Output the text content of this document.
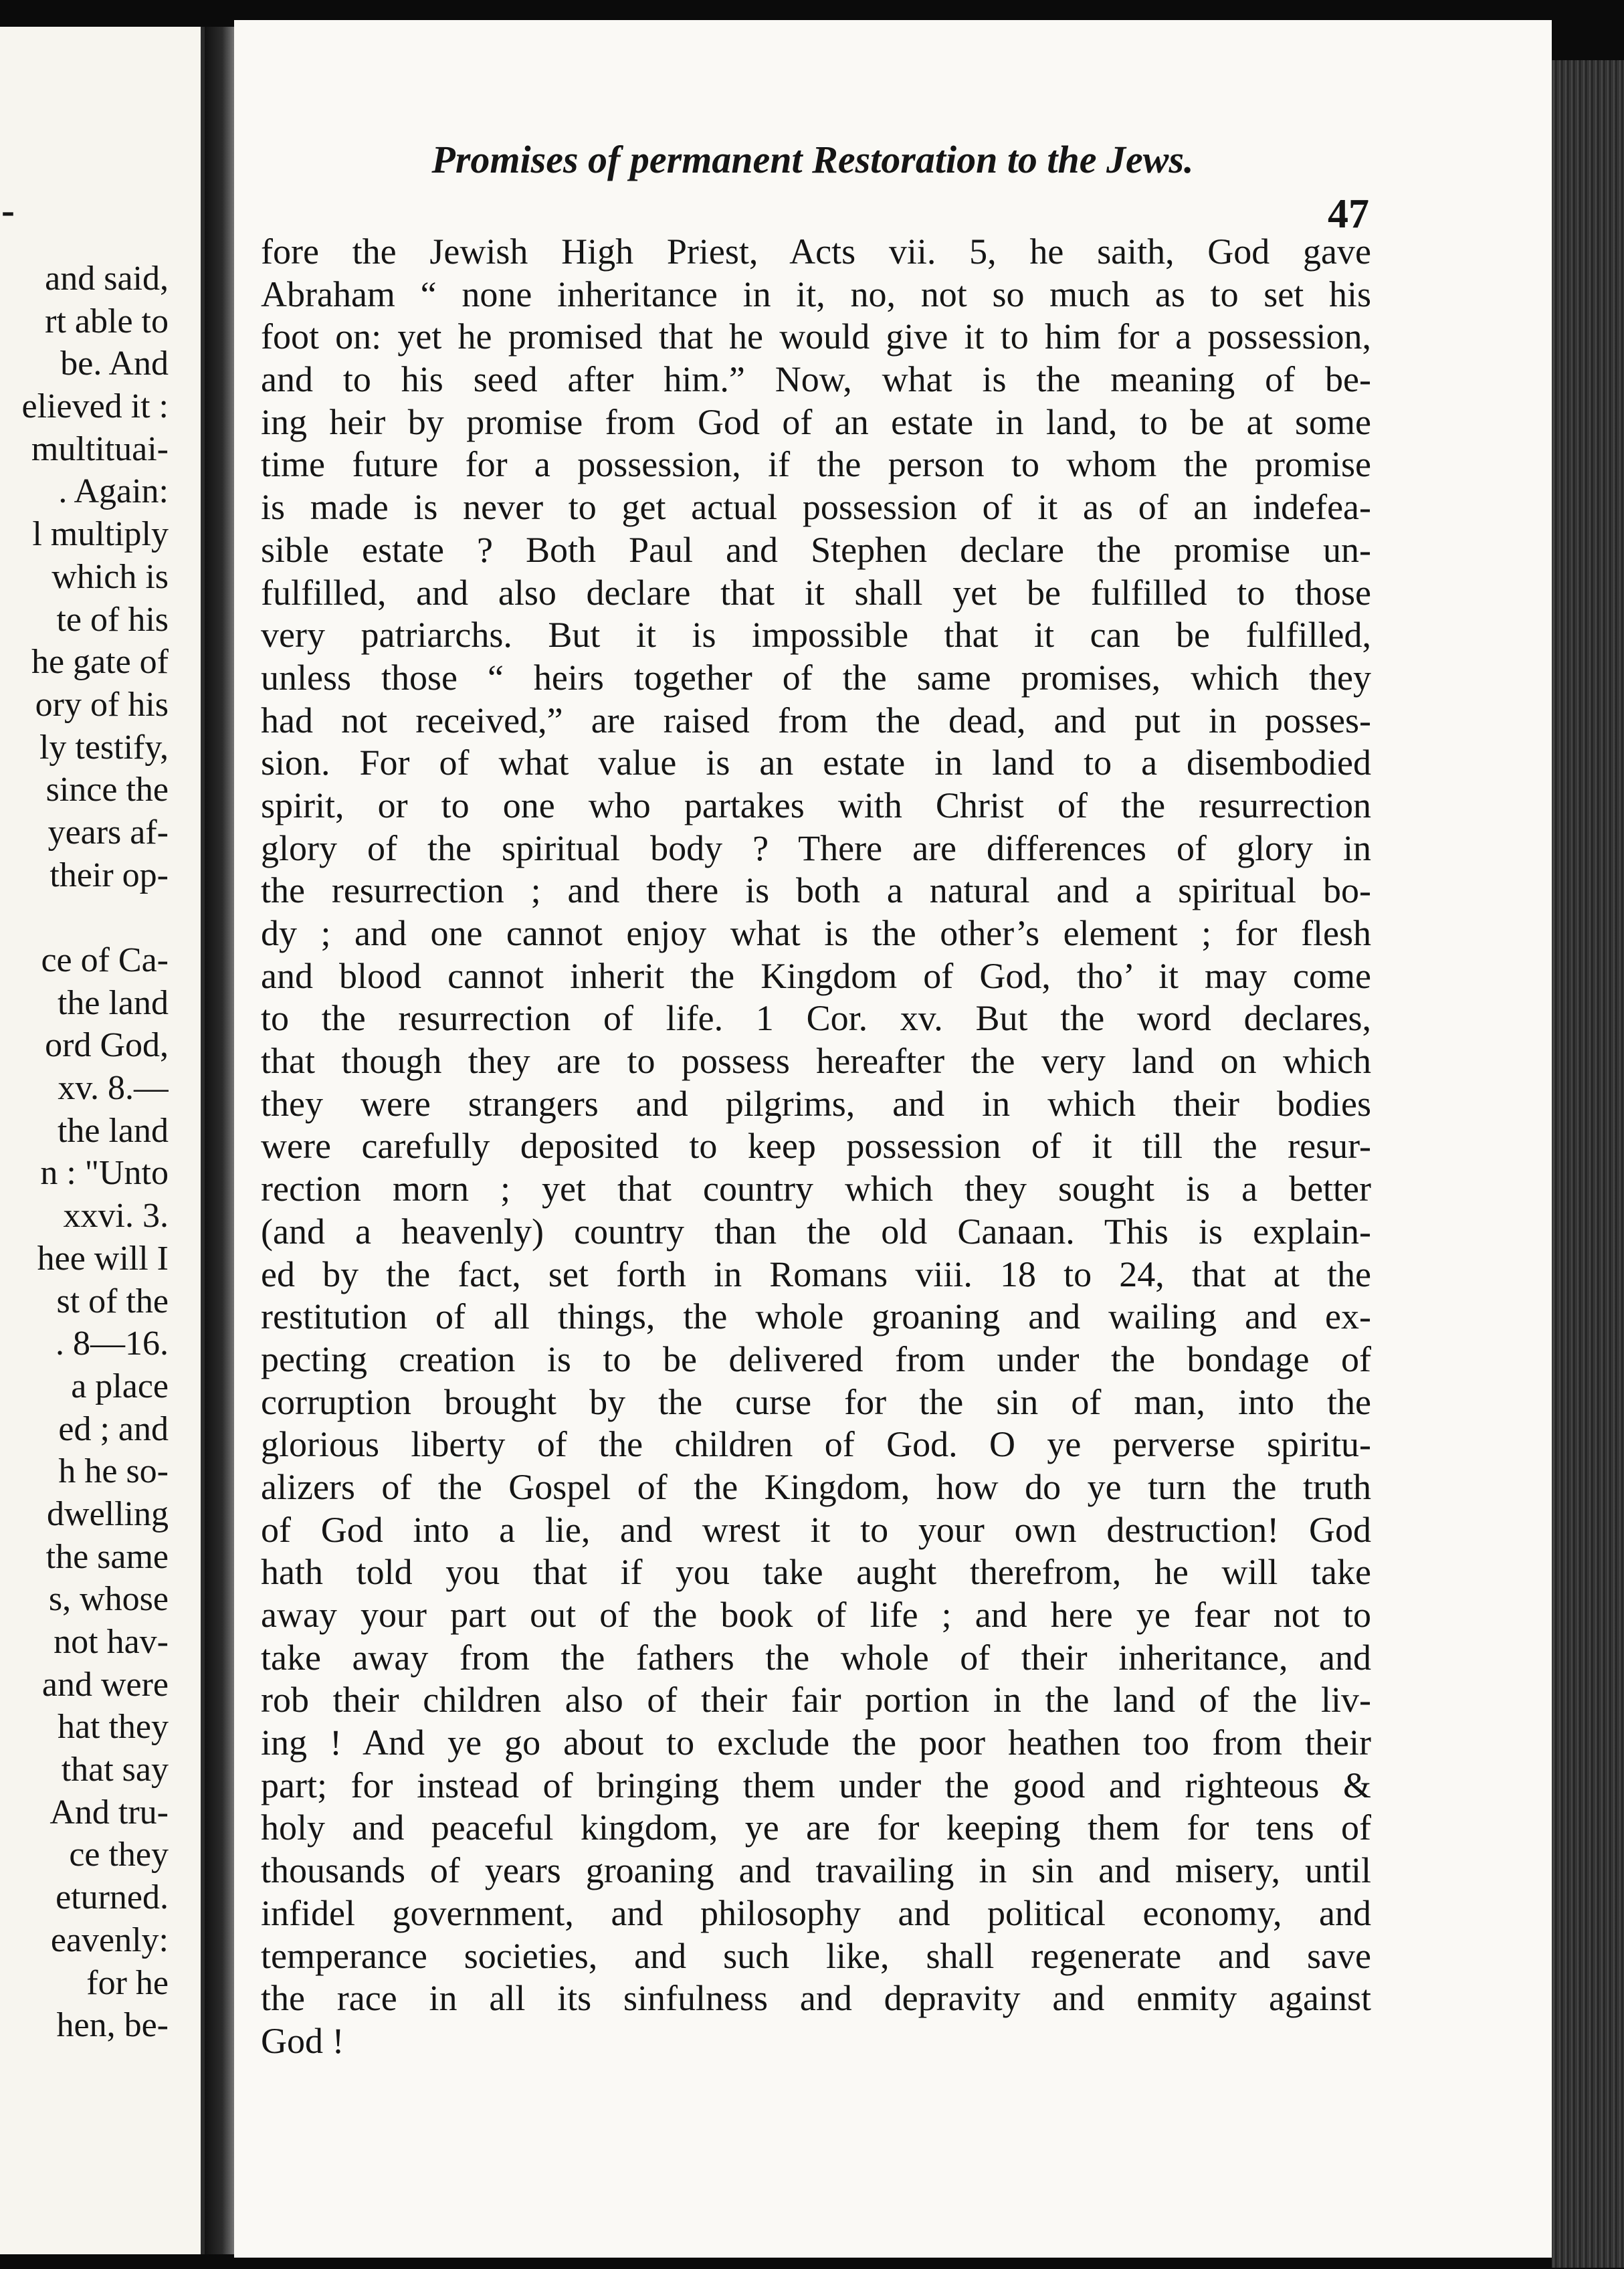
-
and said,
rt able to
be. And
elieved it :
multituai-
. Again:
l multiply
which is
te of his
he gate of
ory of his
ly testify,
since the
years af-
their op-
ce of Ca-
the land
ord God,
xv. 8.—
the land
n : "Unto
xxvi. 3.
hee will I
st of the
. 8—16.
a place
ed ; and
h he so-
dwelling
the same
s, whose
not hav-
and were
hat they
that say
And tru-
ce they
eturned.
eavenly:
for he
hen, be-
Promises of permanent Restoration to the Jews.
47
fore the Jewish High Priest, Acts vii. 5, he saith, God gave
Abraham “ none inheritance in it, no, not so much as to set his
foot on: yet he promised that he would give it to him for a possession,
and to his seed after him.” Now, what is the meaning of be-
ing heir by promise from God of an estate in land, to be at some
time future for a possession, if the person to whom the promise
is made is never to get actual possession of it as of an indefea-
sible estate ? Both Paul and Stephen declare the promise un-
fulfilled, and also declare that it shall yet be fulfilled to those
very patriarchs. But it is impossible that it can be fulfilled,
unless those “ heirs together of the same promises, which they
had not received,” are raised from the dead, and put in posses-
sion. For of what value is an estate in land to a disembodied
spirit, or to one who partakes with Christ of the resurrection
glory of the spiritual body ? There are differences of glory in
the resurrection ; and there is both a natural and a spiritual bo-
dy ; and one cannot enjoy what is the other’s element ; for flesh
and blood cannot inherit the Kingdom of God, tho’ it may come
to the resurrection of life. 1 Cor. xv. But the word declares,
that though they are to possess hereafter the very land on which
they were strangers and pilgrims, and in which their bodies
were carefully deposited to keep possession of it till the resur-
rection morn ; yet that country which they sought is a better
(and a heavenly) country than the old Canaan. This is explain-
ed by the fact, set forth in Romans viii. 18 to 24, that at the
restitution of all things, the whole groaning and wailing and ex-
pecting creation is to be delivered from under the bondage of
corruption brought by the curse for the sin of man, into the
glorious liberty of the children of God. O ye perverse spiritu-
alizers of the Gospel of the Kingdom, how do ye turn the truth
of God into a lie, and wrest it to your own destruction! God
hath told you that if you take aught therefrom, he will take
away your part out of the book of life ; and here ye fear not to
take away from the fathers the whole of their inheritance, and
rob their children also of their fair portion in the land of the liv-
ing ! And ye go about to exclude the poor heathen too from their
part; for instead of bringing them under the good and righteous &
holy and peaceful kingdom, ye are for keeping them for tens of
thousands of years groaning and travailing in sin and misery, until
infidel government, and philosophy and political economy, and
temperance societies, and such like, shall regenerate and save
the race in all its sinfulness and depravity and enmity against
God !
